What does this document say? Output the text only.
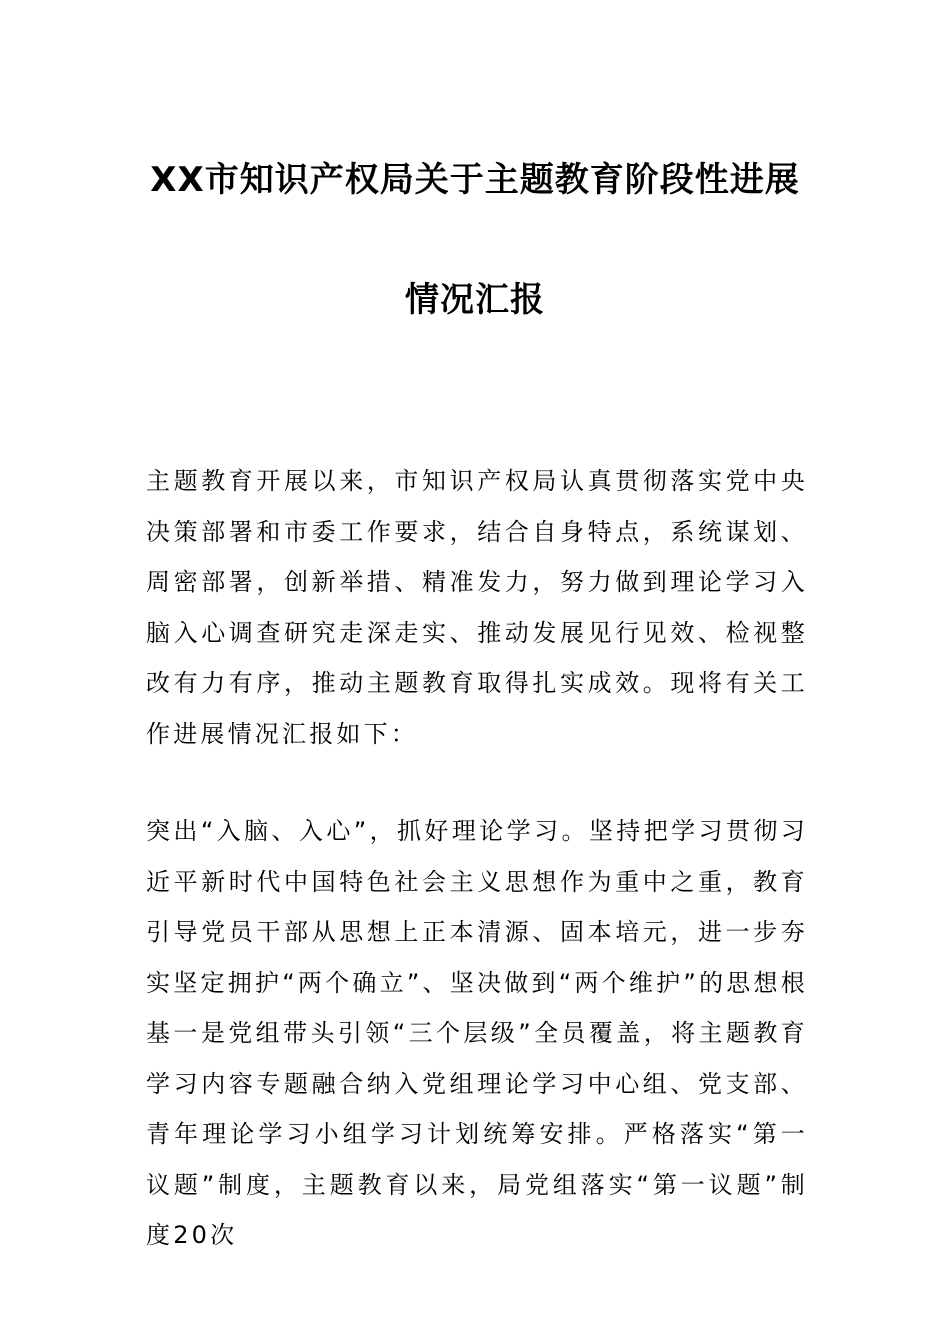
XX市知识产权局关于主题教育阶段性进展
情况汇报

主题教育开展以来，市知识产权局认真贯彻落实党中央决策部署和市委工作要求，结合自身特点，系统谋划、周密部署，创新举措、精准发力，努力做到理论学习入脑入心调查研究走深走实、推动发展见行见效、检视整改有力有序，推动主题教育取得扎实成效。现将有关工作进展情况汇报如下：

突出“入脑、入心”，抓好理论学习。坚持把学习贯彻习近平新时代中国特色社会主义思想作为重中之重，教育引导党员干部从思想上正本清源、固本培元，进一步夯实坚定拥护“两个确立”、坚决做到“两个维护”的思想根基一是党组带头引领“三个层级”全员覆盖，将主题教育学习内容专题融合纳入党组理论学习中心组、党支部、青年理论学习小组学习计划统筹安排。严格落实“第一议题”制度，主题教育以来，局党组落实“第一议题”制度20次
